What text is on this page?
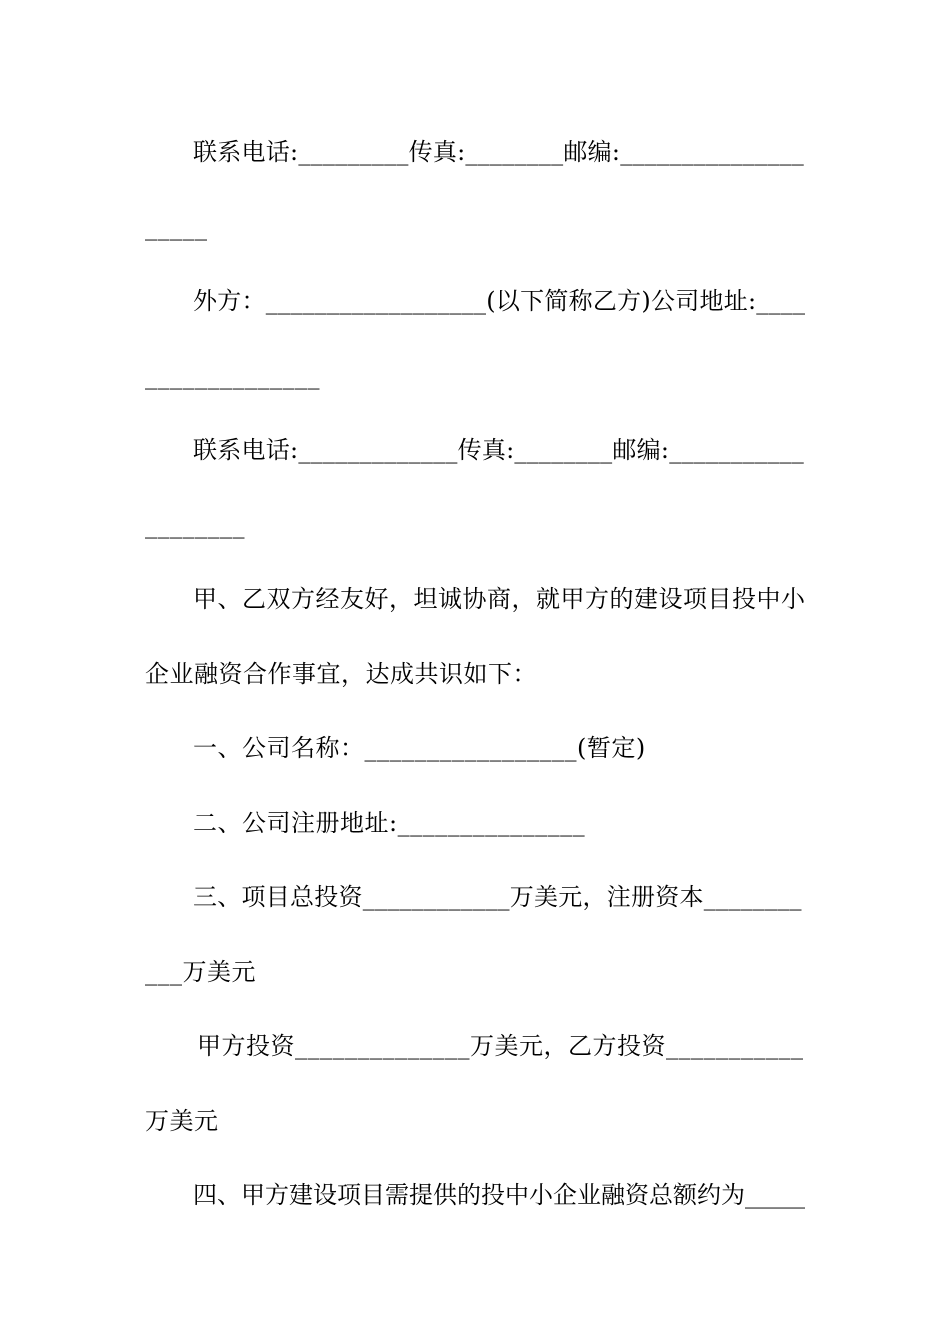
联系电话:_________传真:________邮编:_______________
_____
外方：__________________(以下简称乙方)公司地址:____
______________
联系电话:_____________传真:________邮编:___________
________
甲、乙双方经友好，坦诚协商，就甲方的建设项目投中小
企业融资合作事宜，达成共识如下：
一、公司名称：_________________(暂定)
二、公司注册地址:_______________
三、项目总投资____________万美元，注册资本________
___万美元
甲方投资______________万美元，乙方投资___________
万美元
四、甲方建设项目需提供的投中小企业融资总额约为_____
